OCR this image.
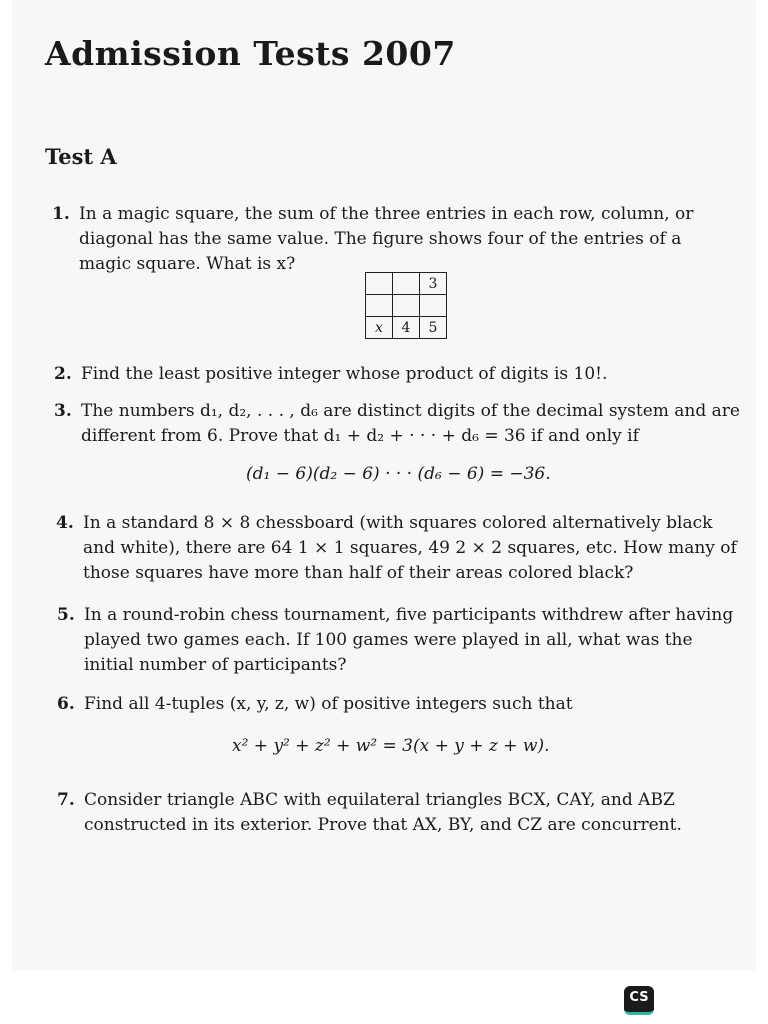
Admission Tests 2007
Test A
1. In a magic square, the sum of the three entries in each row, column, or diagonal has the same value. The figure shows four of the entries of a magic square. What is x?
		3

x	4	5
2. Find the least positive integer whose product of digits is 10!.
3. The numbers d₁, d₂, . . . , d₆ are distinct digits of the decimal system and are different from 6. Prove that d₁ + d₂ + · · · + d₆ = 36 if and only if
(d₁ − 6)(d₂ − 6) · · · (d₆ − 6) = −36.
4. In a standard 8 × 8 chessboard (with squares colored alternatively black and white), there are 64 1 × 1 squares, 49 2 × 2 squares, etc. How many of those squares have more than half of their areas colored black?
5. In a round-robin chess tournament, five participants withdrew after having played two games each. If 100 games were played in all, what was the initial number of participants?
6. Find all 4-tuples (x, y, z, w) of positive integers such that
x² + y² + z² + w² = 3(x + y + z + w).
7. Consider triangle ABC with equilateral triangles BCX, CAY, and ABZ constructed in its exterior. Prove that AX, BY, and CZ are concurrent.
CS
